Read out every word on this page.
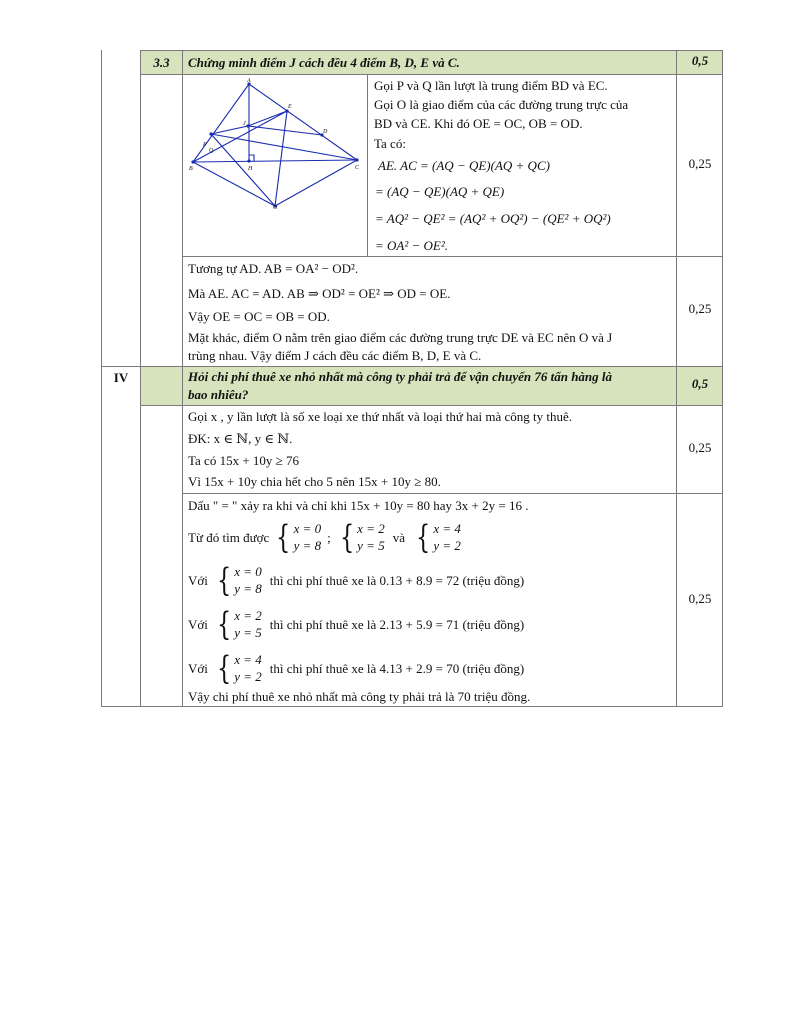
3.3	Chứng minh điểm J cách đều 4 điểm B, D, E và C.	0,5
A
E
J
D
P
Q
B	H	C
O
Gọi P và Q lần lượt là trung điểm BD và EC.
Gọi O là giao điểm của các đường trung trực của
BD và CE. Khi đó OE = OC, OB = OD.
Ta có:
AE. AC = (AQ − QE)(AQ + QC)
= (AQ − QE)(AQ + QE)
= AQ² − QE² = (AQ² + OQ²) − (QE² + OQ²)
= OA² − OE².
0,25
Tương tự AD. AB = OA² − OD².
Mà AE. AC = AD. AB ⇒ OD² = OE² ⇒ OD = OE.
Vậy OE = OC = OB = OD.
Mặt khác, điểm O nằm trên giao điểm các đường trung trực DE và EC nên O và J
trùng nhau. Vậy điểm J cách đều các điểm B, D, E và C.
0,25
IV	Hỏi chi phí thuê xe nhỏ nhất mà công ty phải trả để vận chuyển 76 tấn hàng là
bao nhiêu?
0,5
Gọi x , y lần lượt là số xe loại xe thứ nhất và loại thứ hai mà công ty thuê.
ĐK: x ∈ ℕ, y ∈ ℕ.
Ta có 15x + 10y ≥ 76
Vì 15x + 10y chia hết cho 5 nên 15x + 10y ≥ 80.
0,25
Dấu " = " xảy ra khi và chỉ khi 15x + 10y = 80 hay 3x + 2y = 16 .
Từ đó tìm được { x = 0
y = 8
; { x = 2
y = 5
và { x = 4
y = 2
Với { x = 0
y = 8
thì chi phí thuê xe là 0.13 + 8.9 = 72 (triệu đồng)
Với { x = 2
y = 5
thì chi phí thuê xe là 2.13 + 5.9 = 71 (triệu đồng)
Với { x = 4
y = 2
thì chi phí thuê xe là 4.13 + 2.9 = 70 (triệu đồng)
Vậy chi phí thuê xe nhỏ nhất mà công ty phải trả là 70 triệu đồng.
0,25
